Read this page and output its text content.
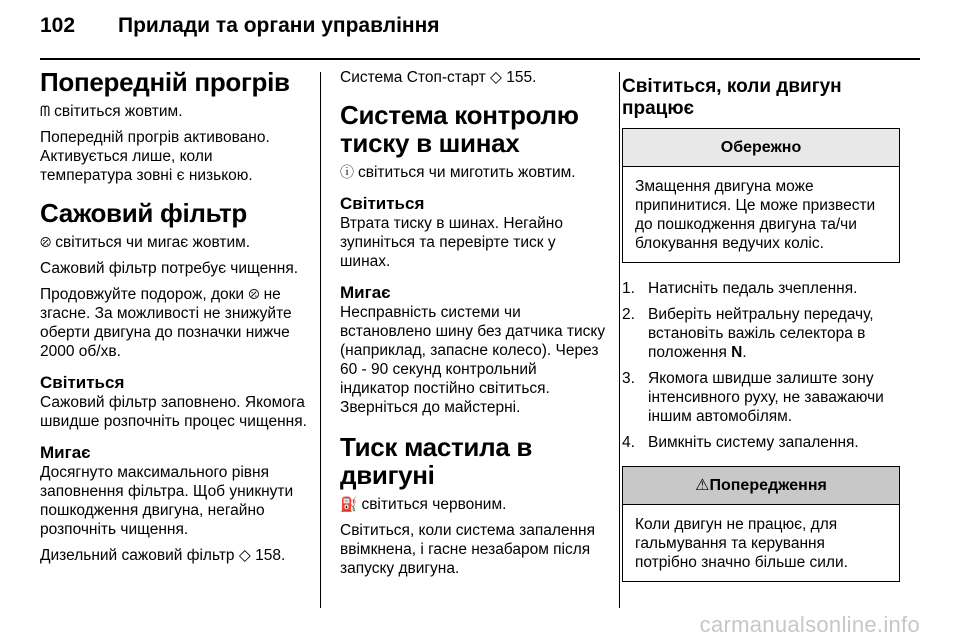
102 Прилади та органи управління
Попередній прогрів

ᗰ світиться жовтим.

Попередній прогрів активовано. Активується лише, коли температура зовні є низькою.

Сажовий фільтр

⦼ світиться чи мигає жовтим.

Сажовий фільтр потребує чищення.

Продовжуйте подорож, доки ⦼ не згасне. За можливості не знижуйте оберти двигуна до позначки нижче 2000 об/хв.

Світиться

Сажовий фільтр заповнено. Якомога швидше розпочніть процес чищення.

Мигає

Досягнуто максимального рівня заповнення фільтра. Щоб уникнути пошкодження двигуна, негайно розпочніть чищення.

Дизельний сажовий фільтр ◇ 158.

Система Стоп-старт ◇ 155.

Система контролю тиску в шинах

ⓘ світиться чи миготить жовтим.

Світиться

Втрата тиску в шинах. Негайно зупиніться та перевірте тиск у шинах.

Мигає

Несправність системи чи встановлено шину без датчика тиску (наприклад, запасне колесо). Через 60 - 90 секунд контрольний індикатор постійно світиться. Зверніться до майстерні.

Тиск мастила в двигуні

⛽ світиться червоним.

Світиться, коли система запалення ввімкнена, і гасне незабаром після запуску двигуна.

Світиться, коли двигун працює
Обережно
Змащення двигуна може припинитися. Це може призвести до пошкодження двигуна та/чи блокування ведучих коліс.
1. Натисніть педаль зчеплення.
2. Виберіть нейтральну передачу, встановіть важіль селектора в положення N.
3. Якомога швидше залиште зону інтенсивного руху, не заважаючи іншим автомобілям.
4. Вимкніть систему запалення.
⚠Попередження
Коли двигун не працює, для гальмування та керування потрібно значно більше сили.
carmanualsonline.info
